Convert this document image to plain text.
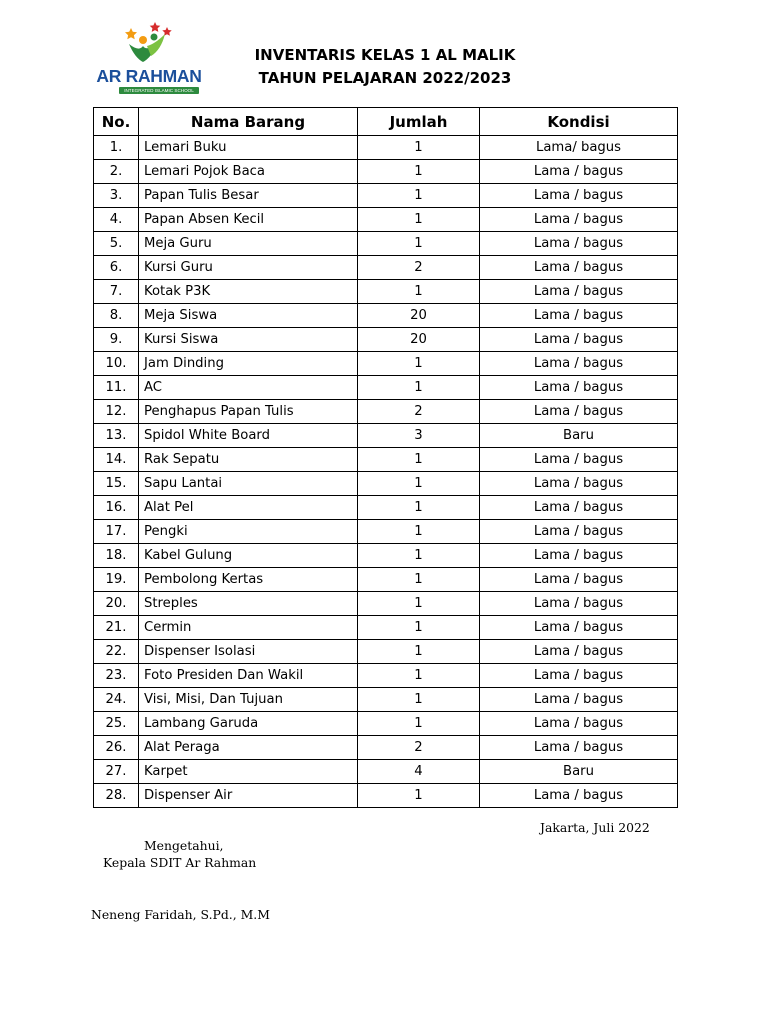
AR RAHMAN
INTEGRATED ISLAMIC SCHOOL
INVENTARIS KELAS 1 AL MALIK
TAHUN PELAJARAN 2022/2023
No.	Nama Barang	Jumlah	Kondisi
1.	Lemari Buku	1	Lama/ bagus
2.	Lemari Pojok Baca	1	Lama / bagus
3.	Papan Tulis Besar	1	Lama / bagus
4.	Papan Absen Kecil	1	Lama / bagus
5.	Meja Guru	1	Lama / bagus
6.	Kursi Guru	2	Lama / bagus
7.	Kotak P3K	1	Lama / bagus
8.	Meja Siswa	20	Lama / bagus
9.	Kursi Siswa	20	Lama / bagus
10.	Jam Dinding	1	Lama / bagus
11.	AC	1	Lama / bagus
12.	Penghapus Papan Tulis	2	Lama / bagus
13.	Spidol White Board	3	Baru
14.	Rak Sepatu	1	Lama / bagus
15.	Sapu Lantai	1	Lama / bagus
16.	Alat Pel	1	Lama / bagus
17.	Pengki	1	Lama / bagus
18.	Kabel Gulung	1	Lama / bagus
19.	Pembolong Kertas	1	Lama / bagus
20.	Streples	1	Lama / bagus
21.	Cermin	1	Lama / bagus
22.	Dispenser Isolasi	1	Lama / bagus
23.	Foto Presiden Dan Wakil	1	Lama / bagus
24.	Visi, Misi, Dan Tujuan	1	Lama / bagus
25.	Lambang Garuda	1	Lama / bagus
26.	Alat Peraga	2	Lama / bagus
27.	Karpet	4	Baru
28.	Dispenser Air	1	Lama / bagus
Jakarta, Juli 2022
Mengetahui,
Kepala SDIT Ar Rahman
Neneng Faridah, S.Pd., M.M
